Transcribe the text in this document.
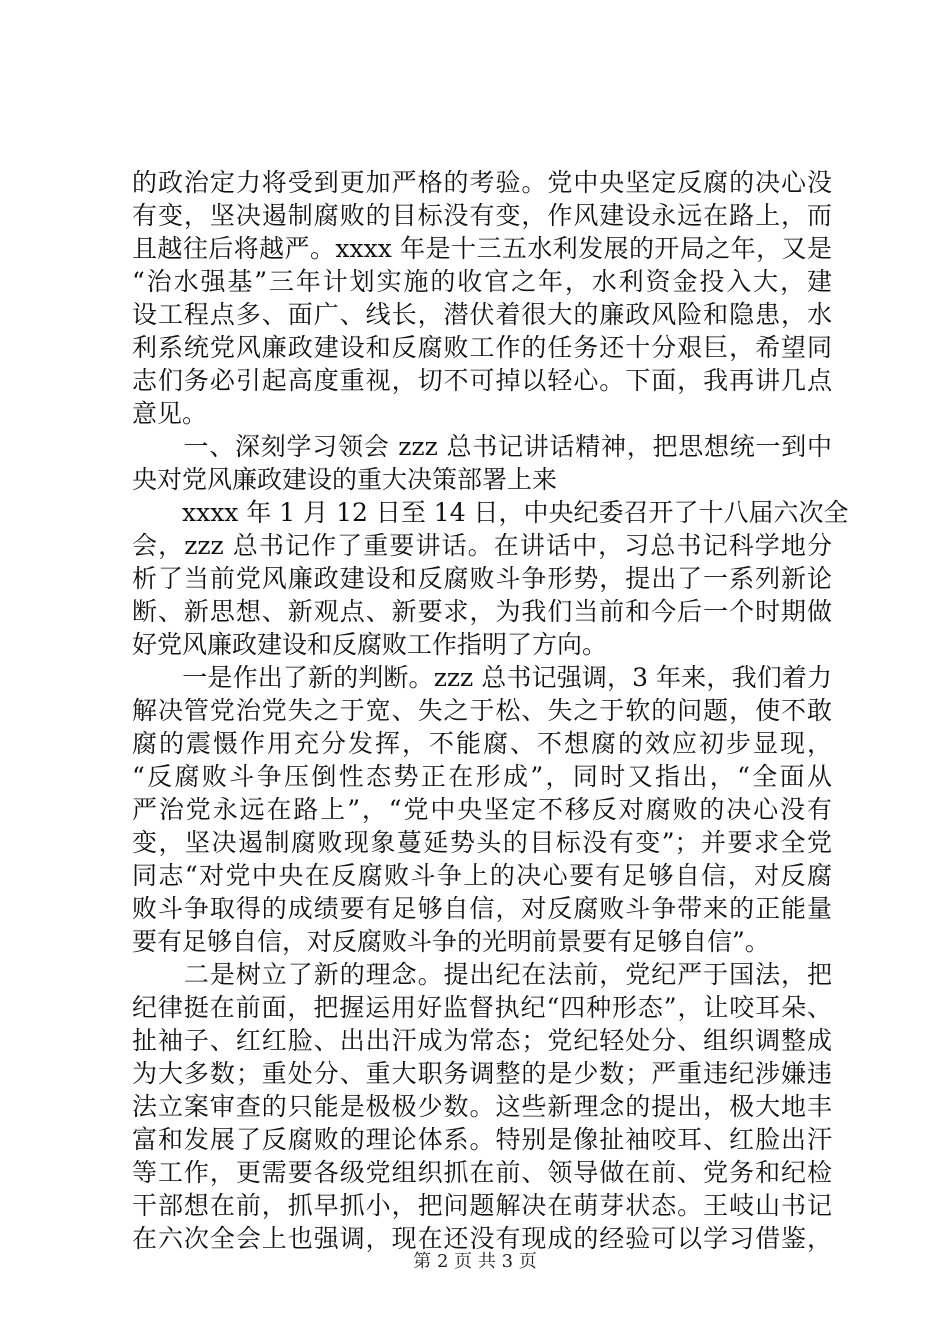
的政治定力将受到更加严格的考验。党中央坚定反腐的决心没
有变，坚决遏制腐败的目标没有变，作风建设永远在路上，而
且越往后将越严。xxxx 年是十三五水利发展的开局之年，又是
“治水强基”三年计划实施的收官之年，水利资金投入大，建
设工程点多、面广、线长，潜伏着很大的廉政风险和隐患，水
利系统党风廉政建设和反腐败工作的任务还十分艰巨，希望同
志们务必引起高度重视，切不可掉以轻心。下面，我再讲几点
意见。
　　一、深刻学习领会 zzz 总书记讲话精神，把思想统一到中
央对党风廉政建设的重大决策部署上来
　　xxxx 年 1 月 12 日至 14 日，中央纪委召开了十八届六次全
会，zzz 总书记作了重要讲话。在讲话中，习总书记科学地分
析了当前党风廉政建设和反腐败斗争形势，提出了一系列新论
断、新思想、新观点、新要求，为我们当前和今后一个时期做
好党风廉政建设和反腐败工作指明了方向。
　　一是作出了新的判断。zzz 总书记强调，3 年来，我们着力
解决管党治党失之于宽、失之于松、失之于软的问题，使不敢
腐的震慑作用充分发挥，不能腐、不想腐的效应初步显现，
“反腐败斗争压倒性态势正在形成”，同时又指出，“全面从
严治党永远在路上”，“党中央坚定不移反对腐败的决心没有
变，坚决遏制腐败现象蔓延势头的目标没有变”；并要求全党
同志“对党中央在反腐败斗争上的决心要有足够自信，对反腐
败斗争取得的成绩要有足够自信，对反腐败斗争带来的正能量
要有足够自信，对反腐败斗争的光明前景要有足够自信”。
　　二是树立了新的理念。提出纪在法前，党纪严于国法，把
纪律挺在前面，把握运用好监督执纪“四种形态”，让咬耳朵、
扯袖子、红红脸、出出汗成为常态；党纪轻处分、组织调整成
为大多数；重处分、重大职务调整的是少数；严重违纪涉嫌违
法立案审查的只能是极极少数。这些新理念的提出，极大地丰
富和发展了反腐败的理论体系。特别是像扯袖咬耳、红脸出汗
等工作，更需要各级党组织抓在前、领导做在前、党务和纪检
干部想在前，抓早抓小，把问题解决在萌芽状态。王岐山书记
在六次全会上也强调，现在还没有现成的经验可以学习借鉴，
第 2 页 共 3 页
